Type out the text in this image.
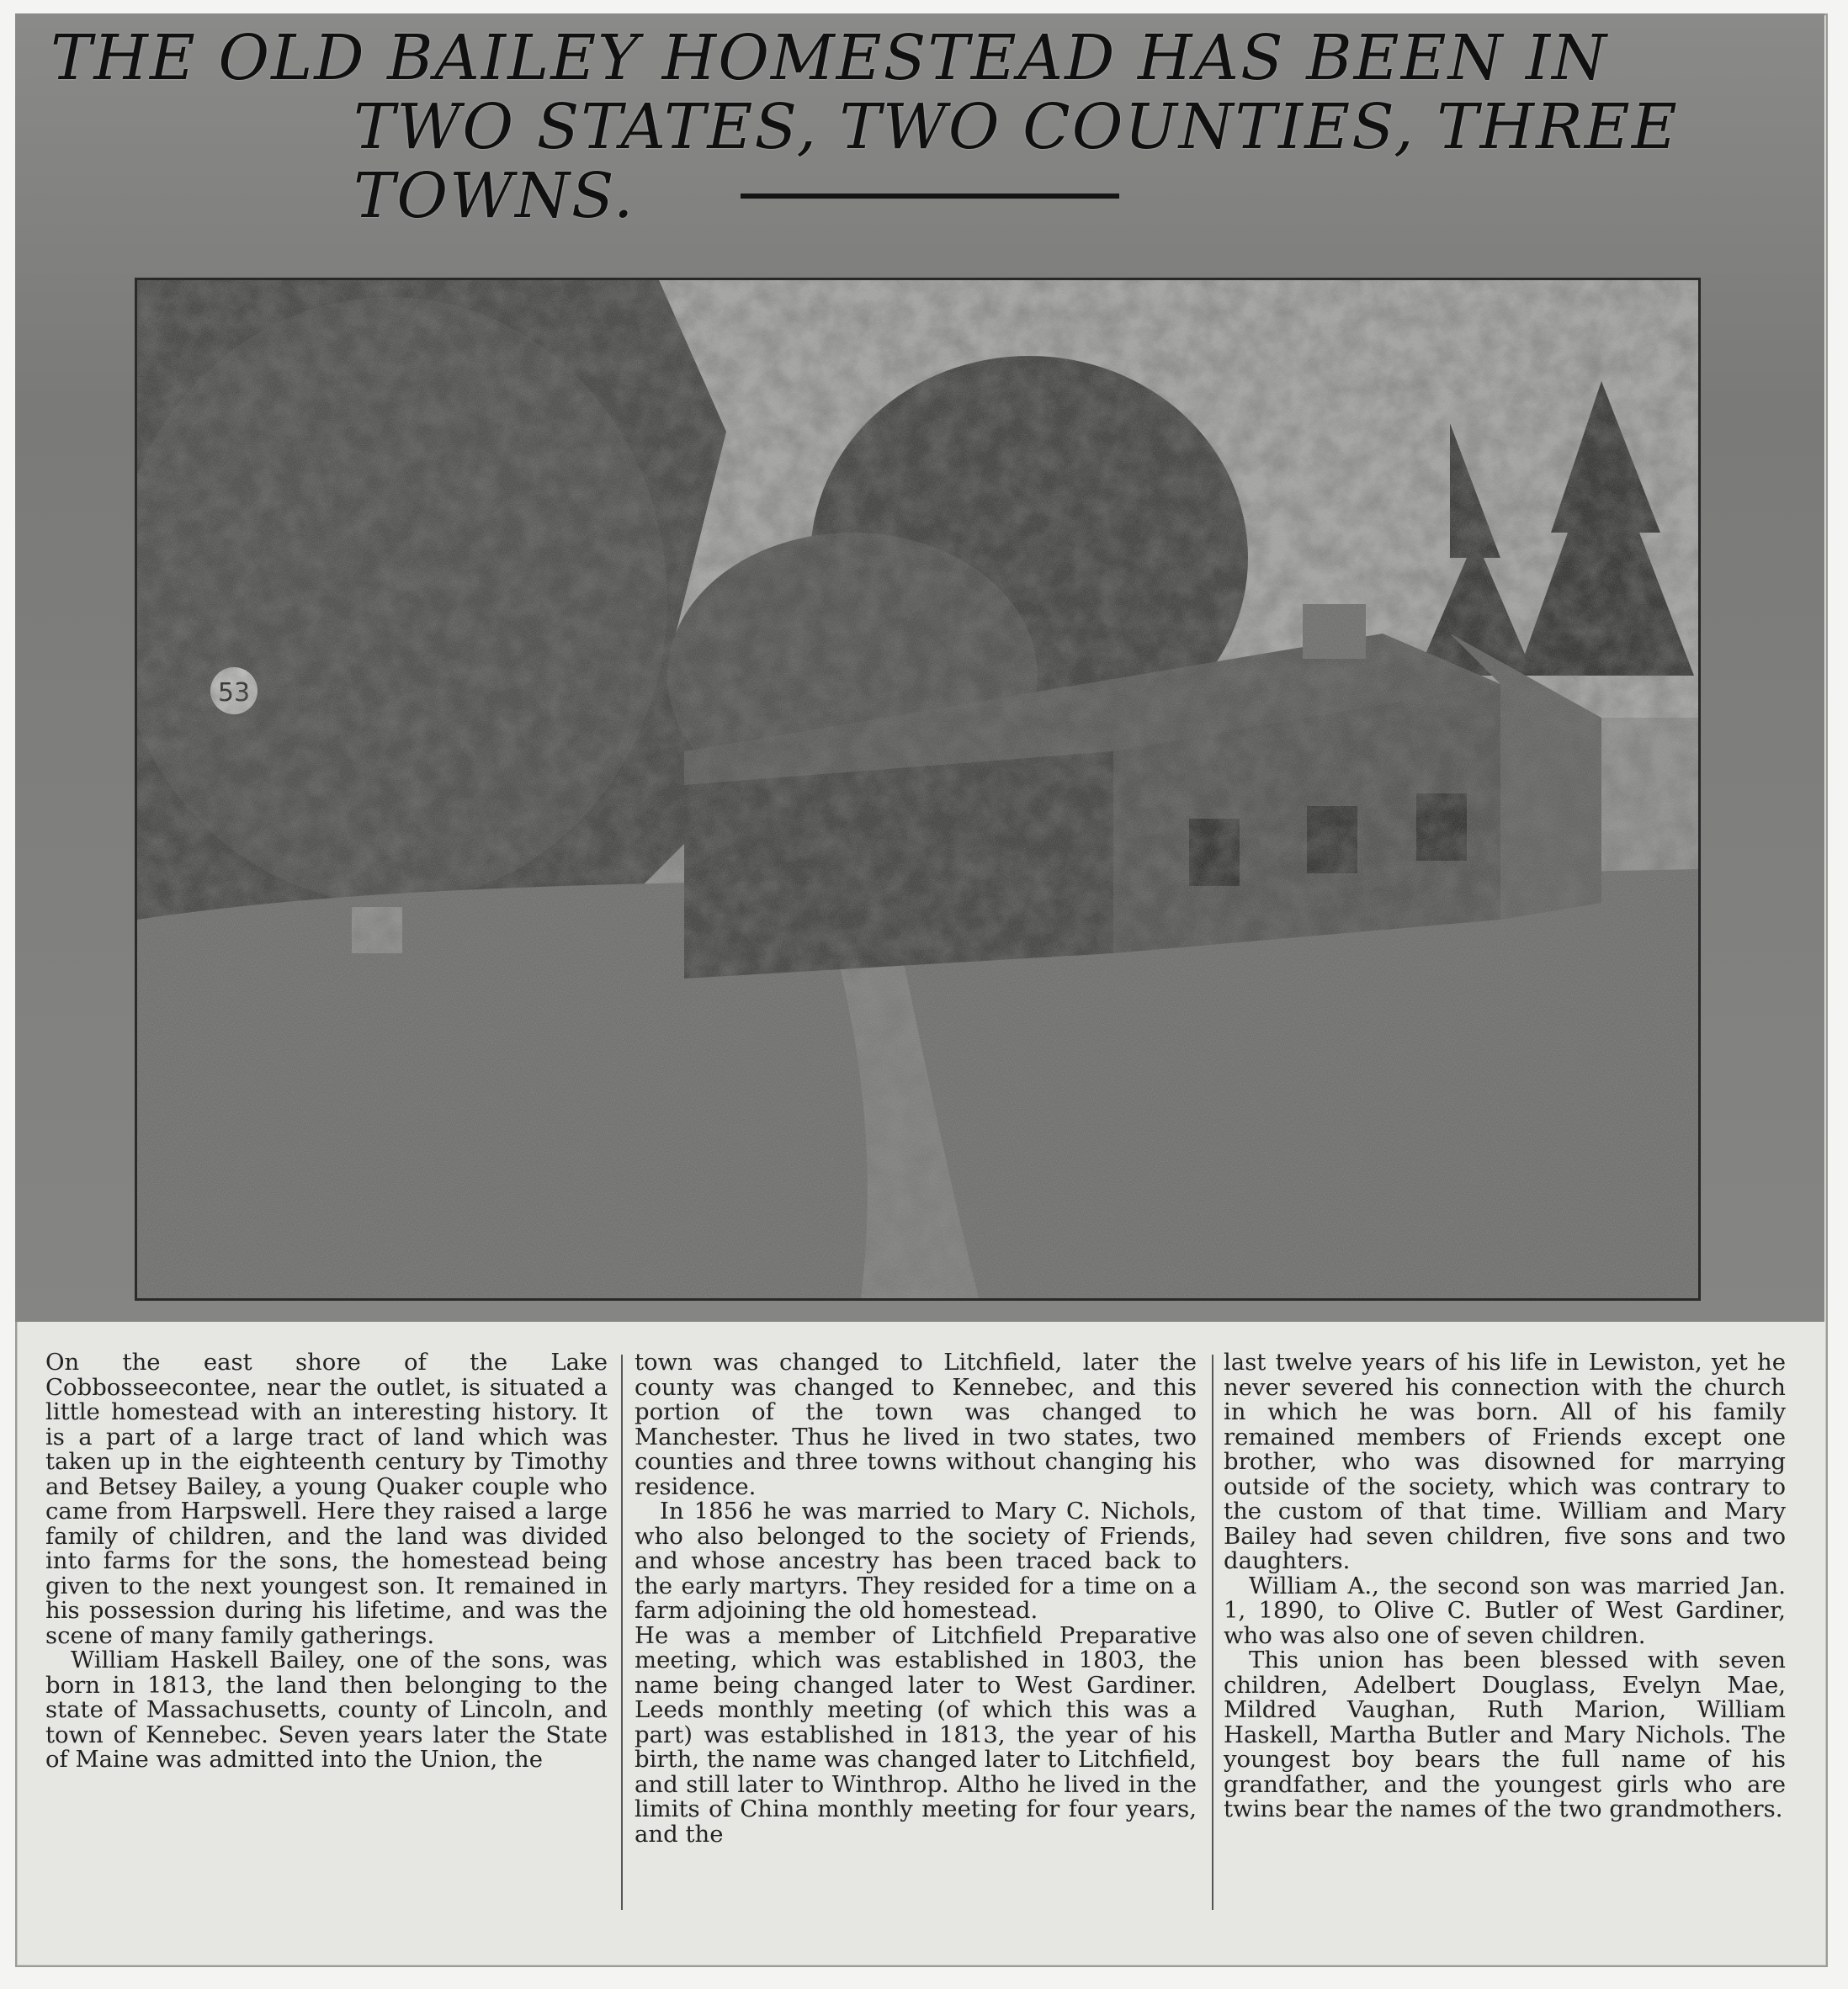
THE OLD BAILEY HOMESTEAD HAS BEEN IN
TWO STATES, TWO COUNTIES, THREE TOWNS.

On the east shore of the Lake Cobbosseecontee, near the outlet, is situated a little homestead with an interesting history. It is a part of a large tract of land which was taken up in the eighteenth century by Timothy and Betsey Bailey, a young Quaker couple who came from Harpswell. Here they raised a large family of children, and the land was divided into farms for the sons, the homestead being given to the next youngest son. It remained in his possession during his lifetime, and was the scene of many family gatherings.

William Haskell Bailey, one of the sons, was born in 1813, the land then belonging to the state of Massachusetts, county of Lincoln, and town of Kennebec. Seven years later the State of Maine was admitted into the Union, the

town was changed to Litchfield, later the county was changed to Kennebec, and this portion of the town was changed to Manchester. Thus he lived in two states, two counties and three towns without changing his residence.

In 1856 he was married to Mary C. Nichols, who also belonged to the society of Friends, and whose ancestry has been traced back to the early martyrs. They resided for a time on a farm adjoining the old homestead.

He was a member of Litchfield Preparative meeting, which was established in 1803, the name being changed later to West Gardiner. Leeds monthly meeting (of which this was a part) was established in 1813, the year of his birth, the name was changed later to Litchfield, and still later to Winthrop. Altho he lived in the limits of China monthly meeting for four years, and the

last twelve years of his life in Lewiston, yet he never severed his connection with the church in which he was born. All of his family remained members of Friends except one brother, who was disowned for marrying outside of the society, which was contrary to the custom of that time. William and Mary Bailey had seven children, five sons and two daughters.

William A., the second son was married Jan. 1, 1890, to Olive C. Butler of West Gardiner, who was also one of seven children.

This union has been blessed with seven children, Adelbert Douglass, Evelyn Mae, Mildred Vaughan, Ruth Marion, William Haskell, Martha Butler and Mary Nichols. The youngest boy bears the full name of his grandfather, and the youngest girls who are twins bear the names of the two grandmothers.
